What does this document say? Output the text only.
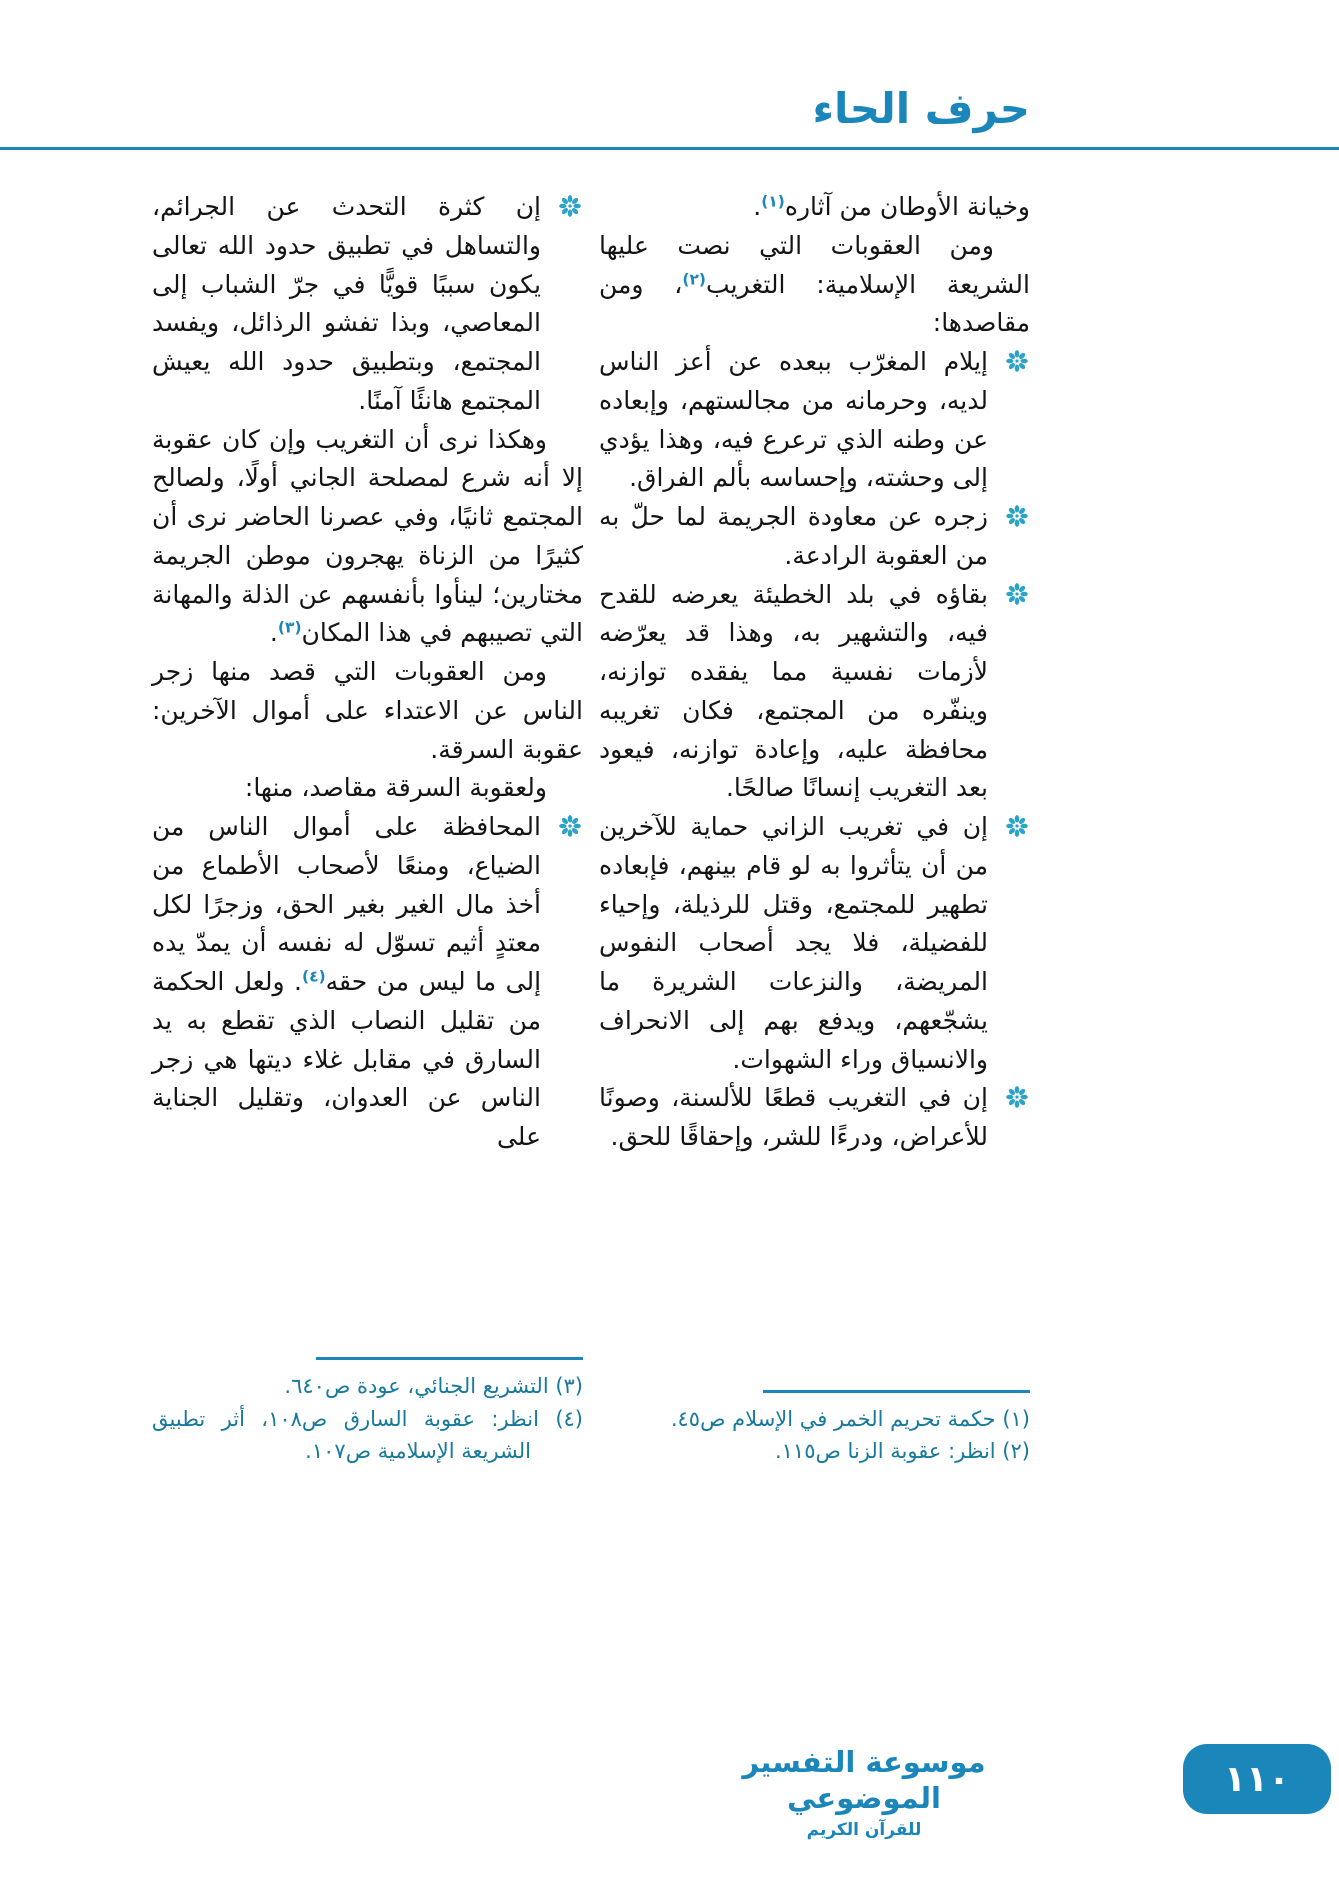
حرف الحاء
وخيانة الأوطان من آثاره$^{(١)}$.
ومن العقوبات التي نصت عليها الشريعة الإسلامية: التغريب$^{(٢)}$، ومن مقاصدها:
إيلام المغرّب ببعده عن أعز الناس لديه، وحرمانه من مجالستهم، وإبعاده عن وطنه الذي ترعرع فيه، وهذا يؤدي إلى وحشته، وإحساسه بألم الفراق.
زجره عن معاودة الجريمة لما حلّ به من العقوبة الرادعة.
بقاؤه في بلد الخطيئة يعرضه للقدح فيه، والتشهير به، وهذا قد يعرّضه لأزمات نفسية مما يفقده توازنه، وينفّره من المجتمع، فكان تغريبه محافظة عليه، وإعادة توازنه، فيعود بعد التغريب إنسانًا صالحًا.
إن في تغريب الزاني حماية للآخرين من أن يتأثروا به لو قام بينهم، فإبعاده تطهير للمجتمع، وقتل للرذيلة، وإحياء للفضيلة، فلا يجد أصحاب النفوس المريضة، والنزعات الشريرة ما يشجّعهم، ويدفع بهم إلى الانحراف والانسياق وراء الشهوات.
إن في التغريب قطعًا للألسنة، وصونًا للأعراض، ودرءًا للشر، وإحقاقًا للحق.
(١) حكمة تحريم الخمر في الإسلام ص٤٥.
(٢) انظر: عقوبة الزنا ص١١٥.
إن كثرة التحدث عن الجرائم، والتساهل في تطبيق حدود الله تعالى يكون سببًا قويًّا في جرّ الشباب إلى المعاصي، وبذا تفشو الرذائل، ويفسد المجتمع، وبتطبيق حدود الله يعيش المجتمع هانئًا آمنًا.
وهكذا نرى أن التغريب وإن كان عقوبة إلا أنه شرع لمصلحة الجاني أولًا، ولصالح المجتمع ثانيًا، وفي عصرنا الحاضر نرى أن كثيرًا من الزناة يهجرون موطن الجريمة مختارين؛ لينأوا بأنفسهم عن الذلة والمهانة التي تصيبهم في هذا المكان$^{(٣)}$.
ومن العقوبات التي قصد منها زجر الناس عن الاعتداء على أموال الآخرين: عقوبة السرقة.
ولعقوبة السرقة مقاصد، منها:
المحافظة على أموال الناس من الضياع، ومنعًا لأصحاب الأطماع من أخذ مال الغير بغير الحق، وزجرًا لكل معتدٍ أثيم تسوّل له نفسه أن يمدّ يده إلى ما ليس من حقه$^{(٤)}$. ولعل الحكمة من تقليل النصاب الذي تقطع به يد السارق في مقابل غلاء ديتها هي زجر الناس عن العدوان، وتقليل الجناية على
(٣) التشريع الجنائي، عودة ص٦٤٠.
(٤) انظر: عقوبة السارق ص١٠٨، أثر تطبيق الشريعة الإسلامية ص١٠٧.
موسوعة التفسير الموضوعي
للقرآن الكريم
١١٠
